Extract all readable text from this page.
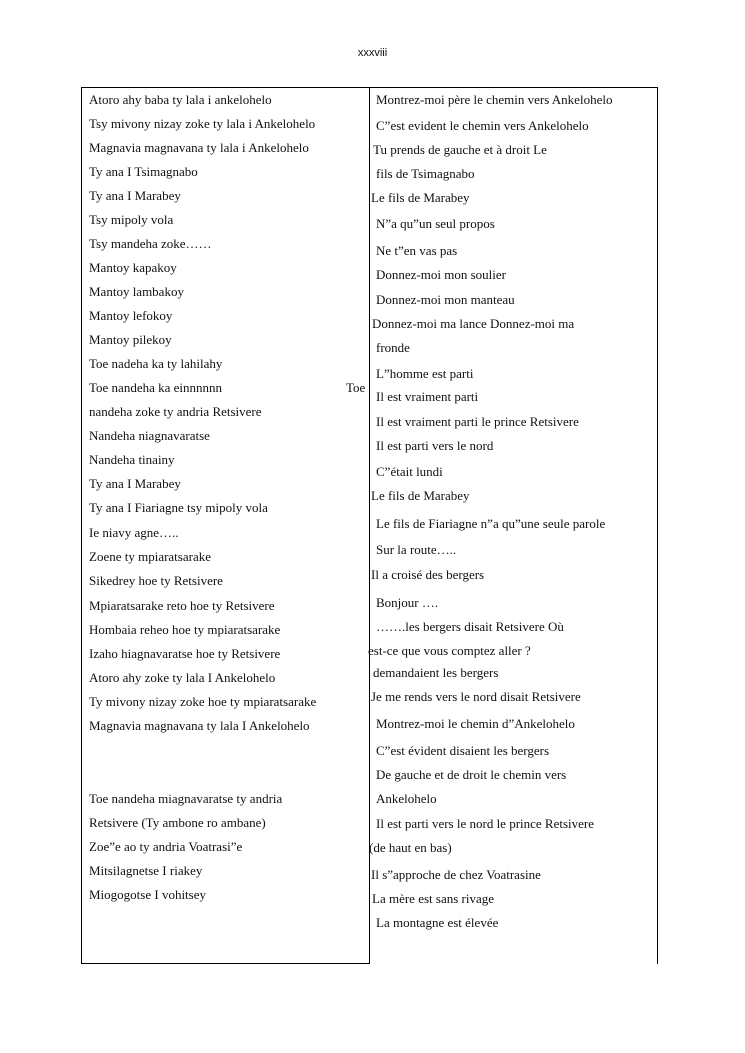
xxxviii
Atoro ahy baba ty lala i ankelohelo
Tsy mivony nizay zoke ty lala i Ankelohelo
Magnavia magnavana ty lala i Ankelohelo
Ty ana I Tsimagnabo
Ty ana I Marabey
Tsy mipoly vola
Tsy mandeha zoke……
Mantoy kapakoy
Mantoy lambakoy
Mantoy lefokoy
Mantoy pilekoy
Toe nadeha ka ty lahilahy
Toe nandeha ka einnnnnn
nandeha zoke ty andria Retsivere
Nandeha niagnavaratse
Nandeha tinainy
Ty ana I Marabey
Ty ana I Fiariagne tsy mipoly vola
Ie niavy agne…..
Zoene ty mpiaratsarake
Sikedrey hoe ty Retsivere
Mpiaratsarake reto hoe ty Retsivere
Hombaia reheo hoe ty mpiaratsarake
Izaho hiagnavaratse hoe ty Retsivere
Atoro ahy zoke ty lala I Ankelohelo
Ty mivony nizay zoke hoe ty mpiaratsarake
Magnavia magnavana ty lala I Ankelohelo
Toe nandeha miagnavaratse ty andria
Retsivere (Ty ambone ro ambane)
Zoe”e ao ty andria Voatrasi”e
Mitsilagnetse I riakey
Miogogotse I vohitsey
Toe
Montrez-moi père le chemin vers Ankelohelo
C”est evident le chemin vers Ankelohelo
Tu prends de gauche et à droit Le
fils de Tsimagnabo
Le fils de Marabey
N”a qu”un seul propos
Ne t”en vas pas
Donnez-moi mon soulier
Donnez-moi mon manteau
Donnez-moi ma lance Donnez-moi ma
fronde
L”homme est parti
Il est vraiment parti
Il est vraiment parti le prince Retsivere
Il est parti vers le nord
C”était lundi
Le fils de Marabey
Le fils de Fiariagne n”a qu”une seule parole
Sur la route…..
Il a croisé des bergers
Bonjour ….
…….les bergers disait Retsivere Où
est-ce que vous comptez aller ?
demandaient les bergers
Je me rends vers le nord disait Retsivere
Montrez-moi le chemin d”Ankelohelo
C”est évident disaient les bergers
De gauche et de droit le chemin vers
Ankelohelo
Il est parti vers le nord le prince Retsivere
(de haut en bas)
Il s”approche de chez Voatrasine
La mère est sans rivage
La montagne est élevée
